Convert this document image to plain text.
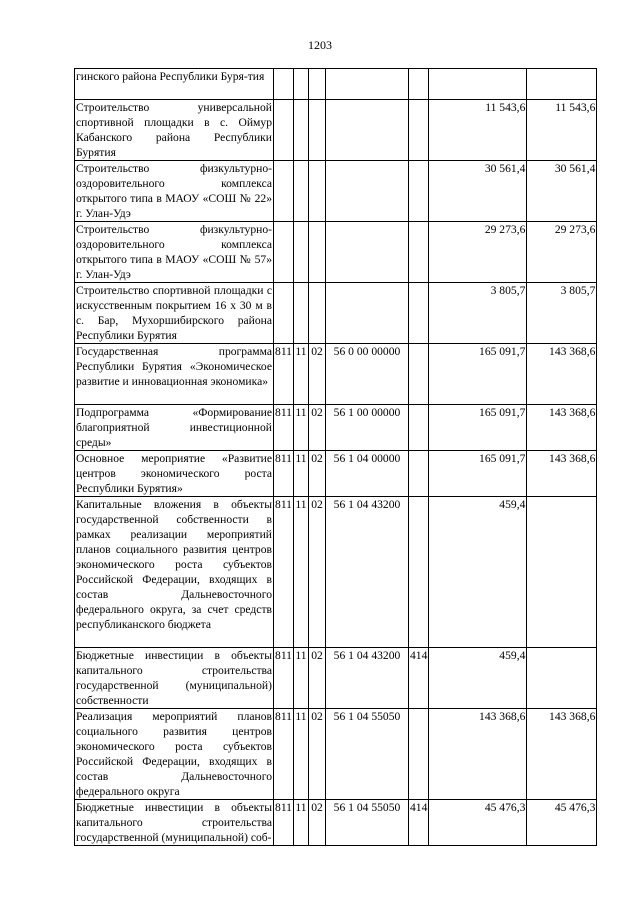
1203
гинского района Республики Буря-тия							
Строительство универсальной спортивной площадки в с. Оймур Кабанского района Республики Бурятия						11 543,6	11 543,6
Строительство физкультурно-оздоровительного комплекса открытого типа в МАОУ «СОШ № 22» г. Улан-Удэ						30 561,4	30 561,4
Строительство физкультурно-оздоровительного комплекса открытого типа в МАОУ «СОШ № 57» г. Улан-Удэ						29 273,6	29 273,6
Строительство спортивной площадки с искусственным покрытием 16 х 30 м в с. Бар, Мухоршибирского района Республики Бурятия						3 805,7	3 805,7
Государственная программа Республики Бурятия «Экономическое развитие и инновационная экономика»	811	11	02	56 0 00 00000		165 091,7	143 368,6
Подпрограмма «Формирование благоприятной инвестиционной среды»	811	11	02	56 1 00 00000		165 091,7	143 368,6
Основное мероприятие «Развитие центров экономического роста Республики Бурятия»	811	11	02	56 1 04 00000		165 091,7	143 368,6
Капитальные вложения в объекты государственной собственности в рамках реализации мероприятий планов социального развития центров экономического роста субъектов Российской Федерации, входящих в состав Дальневосточного федерального округа, за счет средств республиканского бюджета	811	11	02	56 1 04 43200		459,4	
Бюджетные инвестиции в объекты капитального строительства государственной (муниципальной) собственности	811	11	02	56 1 04 43200	414	459,4	
Реализация мероприятий планов социального развития центров экономического роста субъектов Российской Федерации, входящих в состав Дальневосточного федерального округа	811	11	02	56 1 04 55050		143 368,6	143 368,6
Бюджетные инвестиции в объекты капитального строительства государственной (муниципальной) соб-	811	11	02	56 1 04 55050	414	45 476,3	45 476,3
